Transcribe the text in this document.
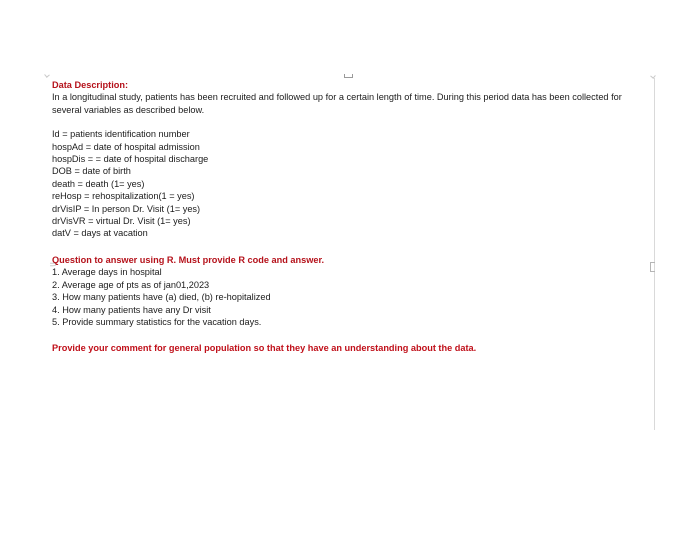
⸧

Data Description:

In a longitudinal study, patients has been recruited and followed up for a certain length of time. During this period data has been collected for several variables as described below.

Id = patients identification number

hospAd = date of hospital admission

hospDis = = date of hospital discharge

DOB = date of birth

death = death (1= yes)

reHosp = rehospitalization(1 = yes)

drVisIP = In person Dr. Visit (1= yes)

drVisVR = virtual Dr. Visit (1= yes)

datV = days at vacation

Question to answer using R. Must provide R code and answer.

1. Average days in hospital

2. Average age of pts as of jan01,2023

3. How many patients have (a) died, (b) re-hopitalized

4. How many patients have any Dr visit

5. Provide summary statistics for the vacation days.

Provide your comment for general population so that they have an understanding about the data.
